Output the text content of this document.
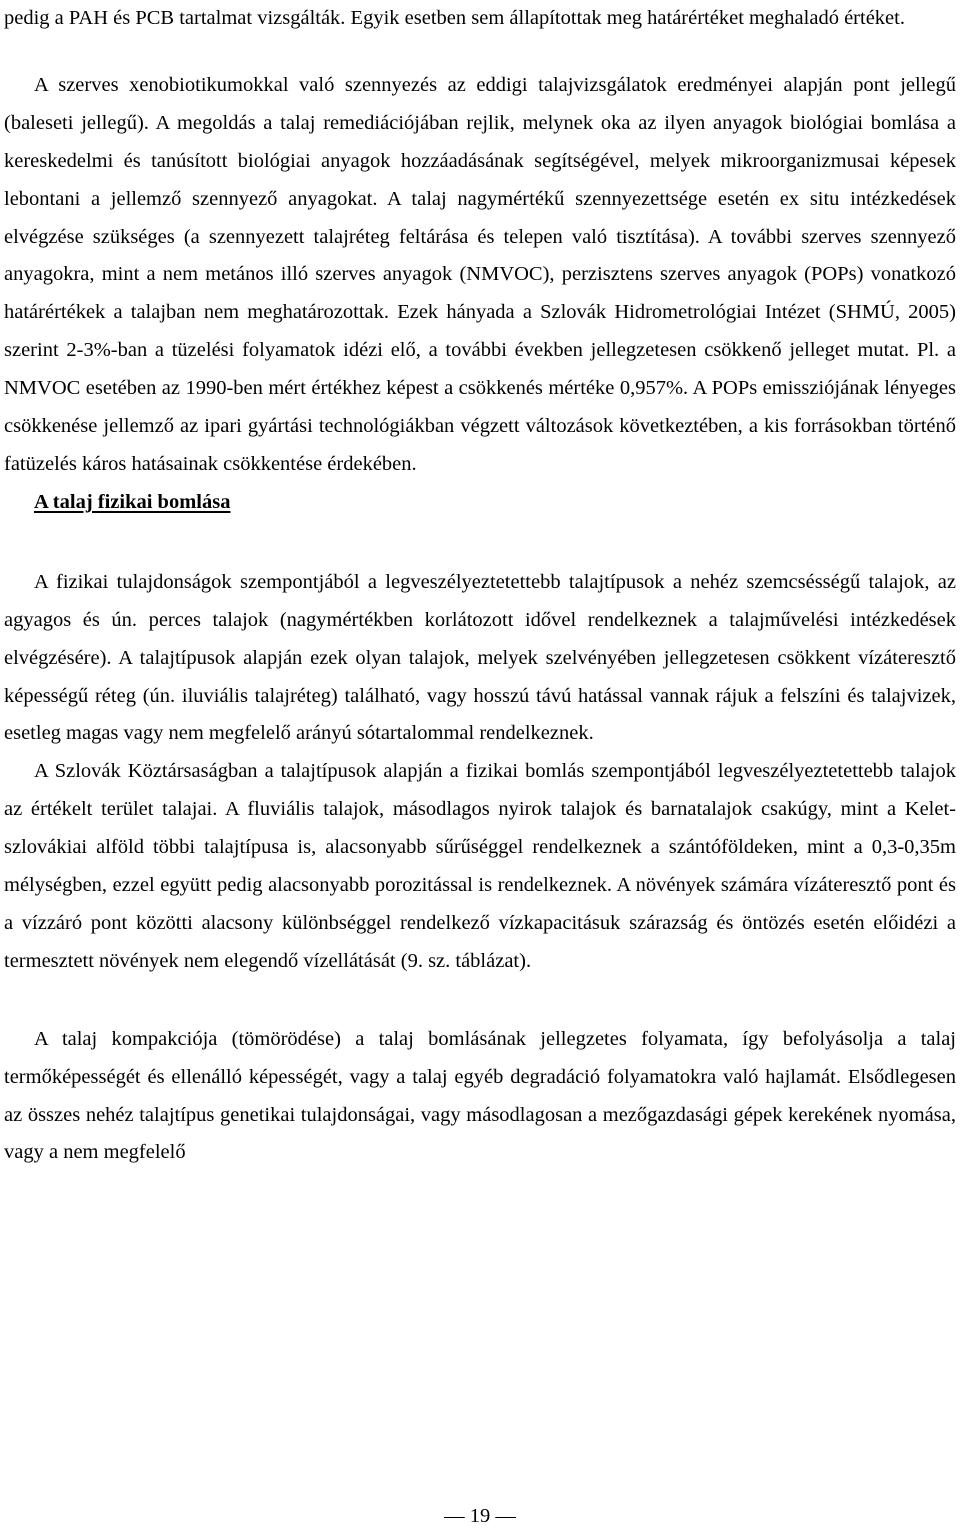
pedig a PAH és PCB tartalmat vizsgálták. Egyik esetben sem állapítottak meg határértéket meghaladó értéket.

A szerves xenobiotikumokkal való szennyezés az eddigi talajvizsgálatok eredményei alapján pont jellegű (baleseti jellegű). A megoldás a talaj remediációjában rejlik, melynek oka az ilyen anyagok biológiai bomlása a kereskedelmi és tanúsított biológiai anyagok hozzáadásának segítségével, melyek mikroorganizmusai képesek lebontani a jellemző szennyező anyagokat. A talaj nagymértékű szennyezettsége esetén ex situ intézkedések elvégzése szükséges (a szennyezett talajréteg feltárása és telepen való tisztítása). A további szerves szennyező anyagokra, mint a nem metános illó szerves anyagok (NMVOC), perzisztens szerves anyagok (POPs) vonatkozó határértékek a talajban nem meghatározottak. Ezek hányada a Szlovák Hidrometrológiai Intézet (SHMÚ, 2005) szerint 2-3%-ban a tüzelési folyamatok idézi elő, a további években jellegzetesen csökkenő jelleget mutat. Pl. a NMVOC esetében az 1990-ben mért értékhez képest a csökkenés mértéke 0,957%. A POPs emissziójának lényeges csökkenése jellemző az ipari gyártási technológiákban végzett változások következtében, a kis forrásokban történő fatüzelés káros hatásainak csökkentése érdekében.

A talaj fizikai bomlása

A fizikai tulajdonságok szempontjából a legveszélyeztetettebb talajtípusok a nehéz szemcsésségű talajok, az agyagos és ún. perces talajok (nagymértékben korlátozott idővel rendelkeznek a talajművelési intézkedések elvégzésére). A talajtípusok alapján ezek olyan talajok, melyek szelvényében jellegzetesen csökkent vízáteresztő képességű réteg (ún. iluviális talajréteg) található, vagy hosszú távú hatással vannak rájuk a felszíni és talajvizek, esetleg magas vagy nem megfelelő arányú sótartalommal rendelkeznek.

A Szlovák Köztársaságban a talajtípusok alapján a fizikai bomlás szempontjából legveszélyeztetettebb talajok az értékelt terület talajai. A fluviális talajok, másodlagos nyirok talajok és barnatalajok csakúgy, mint a Kelet-szlovákiai alföld többi talajtípusa is, alacsonyabb sűrűséggel rendelkeznek a szántóföldeken, mint a 0,3-0,35m mélységben, ezzel együtt pedig alacsonyabb porozitással is rendelkeznek. A növények számára vízáteresztő pont és a vízzáró pont közötti alacsony különbséggel rendelkező vízkapacitásuk szárazság és öntözés esetén előidézi a termesztett növények nem elegendő vízellátását (9. sz. táblázat).

A talaj kompakciója (tömörödése) a talaj bomlásának jellegzetes folyamata, így befolyásolja a talaj termőképességét és ellenálló képességét, vagy a talaj egyéb degradáció folyamatokra való hajlamát. Elsődlegesen az összes nehéz talajtípus genetikai tulajdonságai, vagy másodlagosan a mezőgazdasági gépek kerekének nyomása, vagy a nem megfelelő

— 19 —
